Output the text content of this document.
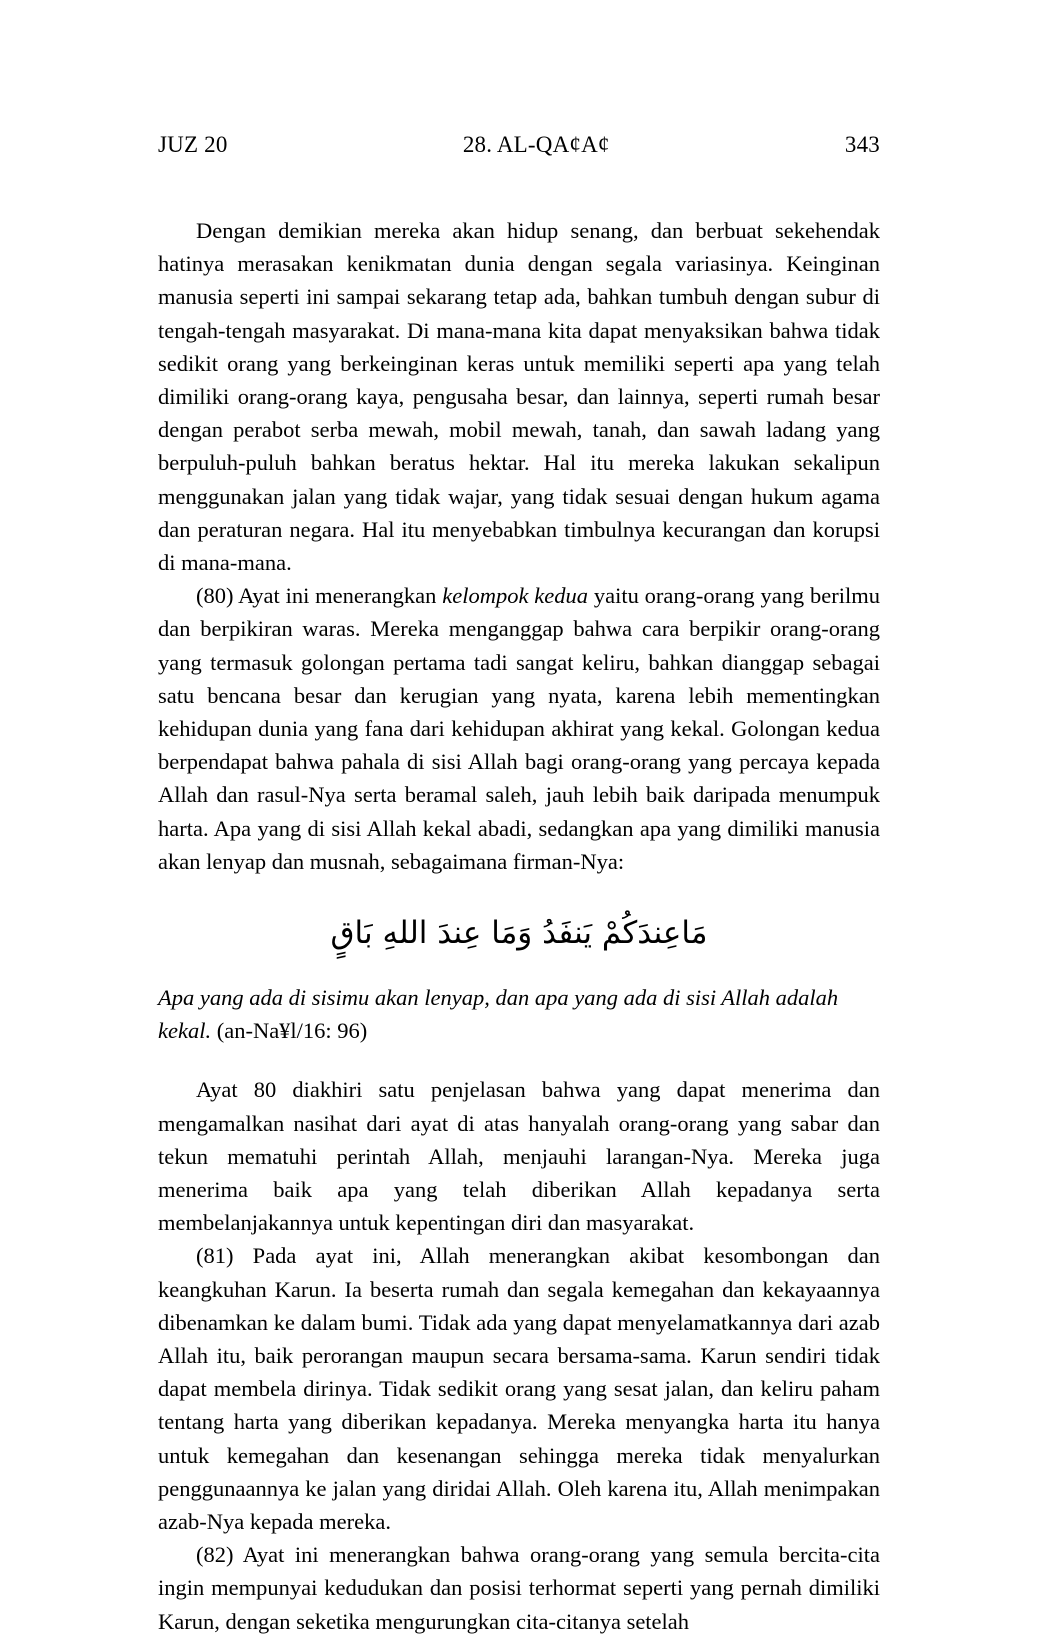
JUZ 20	28. AL-QA¢A¢	343

Dengan demikian mereka akan hidup senang, dan berbuat sekehendak hatinya merasakan kenikmatan dunia dengan segala variasinya. Keinginan manusia seperti ini sampai sekarang tetap ada, bahkan tumbuh dengan subur di tengah-tengah masyarakat. Di mana-mana kita dapat menyaksikan bahwa tidak sedikit orang yang berkeinginan keras untuk memiliki seperti apa yang telah dimiliki orang-orang kaya, pengusaha besar, dan lainnya, seperti rumah besar dengan perabot serba mewah, mobil mewah, tanah, dan sawah ladang yang berpuluh-puluh bahkan beratus hektar. Hal itu mereka lakukan sekalipun menggunakan jalan yang tidak wajar, yang tidak sesuai dengan hukum agama dan peraturan negara. Hal itu menyebabkan timbulnya kecurangan dan korupsi di mana-mana.

(80) Ayat ini menerangkan kelompok kedua yaitu orang-orang yang berilmu dan berpikiran waras. Mereka menganggap bahwa cara berpikir orang-orang yang termasuk golongan pertama tadi sangat keliru, bahkan dianggap sebagai satu bencana besar dan kerugian yang nyata, karena lebih mementingkan kehidupan dunia yang fana dari kehidupan akhirat yang kekal. Golongan kedua berpendapat bahwa pahala di sisi Allah bagi orang-orang yang percaya kepada Allah dan rasul-Nya serta beramal saleh, jauh lebih baik daripada menumpuk harta. Apa yang di sisi Allah kekal abadi, sedangkan apa yang dimiliki manusia akan lenyap dan musnah, sebagaimana firman-Nya:

مَاعِندَكُمْ يَنفَدُ وَمَا عِندَ اللهِ بَاقٍ

Apa yang ada di sisimu akan lenyap, dan apa yang ada di sisi Allah adalah kekal. (an-Na¥l/16: 96)

Ayat 80 diakhiri satu penjelasan bahwa yang dapat menerima dan mengamalkan nasihat dari ayat di atas hanyalah orang-orang yang sabar dan tekun mematuhi perintah Allah, menjauhi larangan-Nya. Mereka juga menerima baik apa yang telah diberikan Allah kepadanya serta membelanjakannya untuk kepentingan diri dan masyarakat.

(81) Pada ayat ini, Allah menerangkan akibat kesombongan dan keangkuhan Karun. Ia beserta rumah dan segala kemegahan dan kekayaannya dibenamkan ke dalam bumi. Tidak ada yang dapat menyelamatkannya dari azab Allah itu, baik perorangan maupun secara bersama-sama. Karun sendiri tidak dapat membela dirinya. Tidak sedikit orang yang sesat jalan, dan keliru paham tentang harta yang diberikan kepadanya. Mereka menyangka harta itu hanya untuk kemegahan dan kesenangan sehingga mereka tidak menyalurkan penggunaannya ke jalan yang diridai Allah. Oleh karena itu, Allah menimpakan azab-Nya kepada mereka.

(82) Ayat ini menerangkan bahwa orang-orang yang semula bercita-cita ingin mempunyai kedudukan dan posisi terhormat seperti yang pernah dimiliki Karun, dengan seketika mengurungkan cita-citanya setelah
